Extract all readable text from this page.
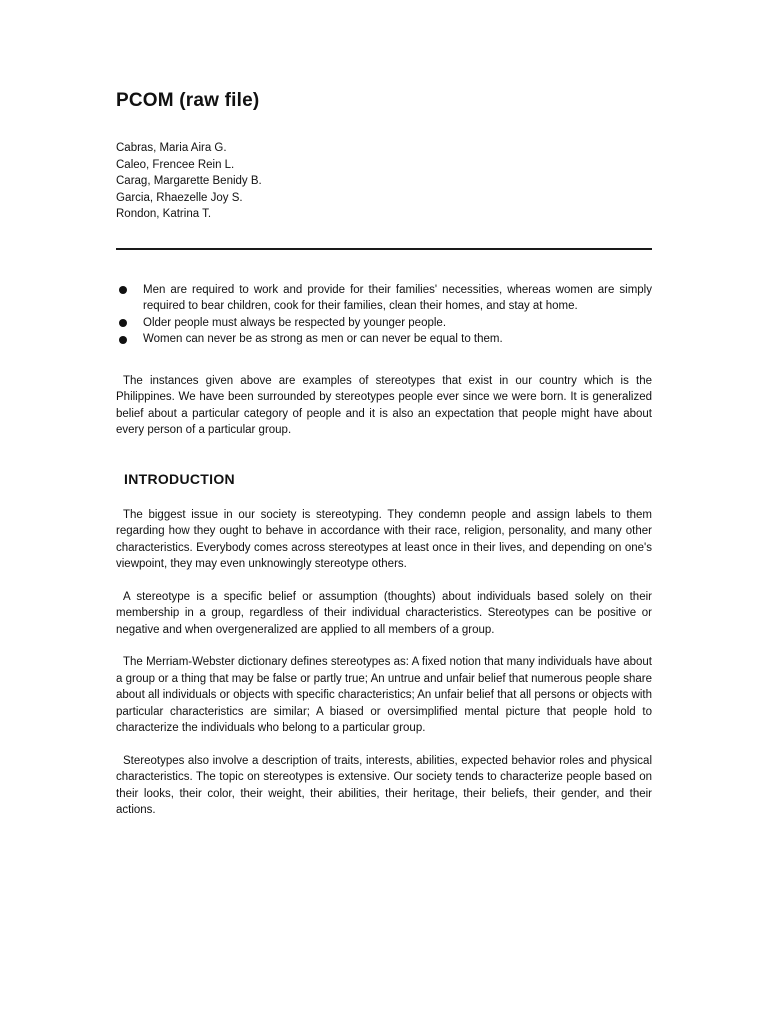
PCOM (raw file)
Cabras, Maria Aira G.
Caleo, Frencee Rein L.
Carag, Margarette Benidy B.
Garcia, Rhaezelle Joy S.
Rondon, Katrina T.
Men are required to work and provide for their families' necessities, whereas women are simply required to bear children, cook for their families, clean their homes, and stay at home.
Older people must always be respected by younger people.
Women can never be as strong as men or can never be equal to them.

The instances given above are examples of stereotypes that exist in our country which is the Philippines. We have been surrounded by stereotypes people ever since we were born. It is generalized belief about a particular category of people and it is also an expectation that people might have about every person of a particular group.

INTRODUCTION

The biggest issue in our society is stereotyping. They condemn people and assign labels to them regarding how they ought to behave in accordance with their race, religion, personality, and many other characteristics. Everybody comes across stereotypes at least once in their lives, and depending on one's viewpoint, they may even unknowingly stereotype others.

A stereotype is a specific belief or assumption (thoughts) about individuals based solely on their membership in a group, regardless of their individual characteristics. Stereotypes can be positive or negative and when overgeneralized are applied to all members of a group.

The Merriam-Webster dictionary defines stereotypes as: A fixed notion that many individuals have about a group or a thing that may be false or partly true; An untrue and unfair belief that numerous people share about all individuals or objects with specific characteristics; An unfair belief that all persons or objects with particular characteristics are similar; A biased or oversimplified mental picture that people hold to characterize the individuals who belong to a particular group.

Stereotypes also involve a description of traits, interests, abilities, expected behavior roles and physical characteristics. The topic on stereotypes is extensive. Our society tends to characterize people based on their looks, their color, their weight, their abilities, their heritage, their beliefs, their gender, and their actions.
